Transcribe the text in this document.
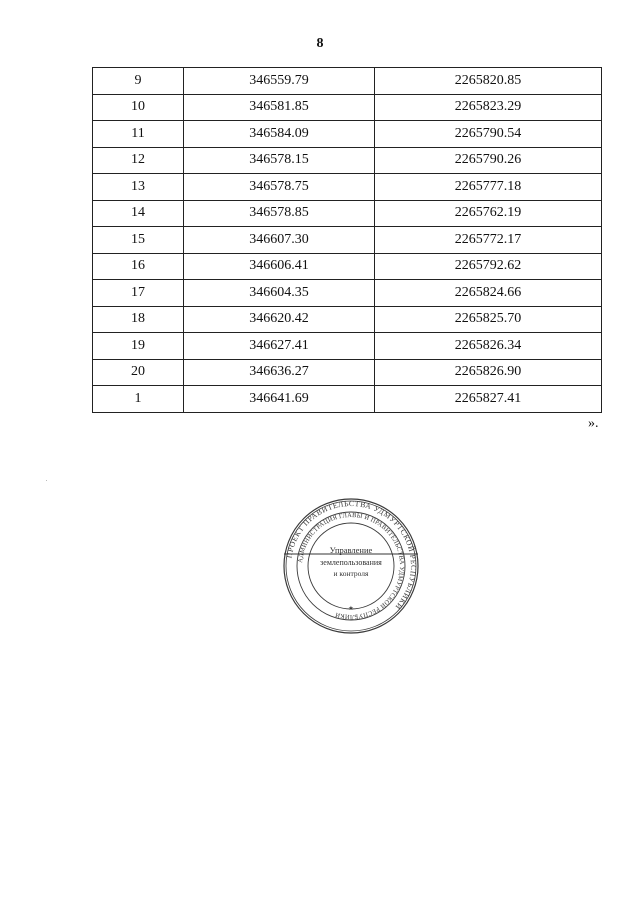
8
9	346559.79	2265820.85
10	346581.85	2265823.29
11	346584.09	2265790.54
12	346578.15	2265790.26
13	346578.75	2265777.18
14	346578.85	2265762.19
15	346607.30	2265772.17
16	346606.41	2265792.62
17	346604.35	2265824.66
18	346620.42	2265825.70
19	346627.41	2265826.34
20	346636.27	2265826.90
1	346641.69	2265827.41
».
ПРОЕКТ ПРАВИТЕЛЬСТВА УДМУРТСКОЙ РЕСПУБЛИКИ
АДМИНИСТРАЦИЯ ГЛАВЫ И ПРАВИТЕЛЬСТВА УДМУРТСКОЙ РЕСПУБЛИКИ
Управление
землепользования
и контроля
★
